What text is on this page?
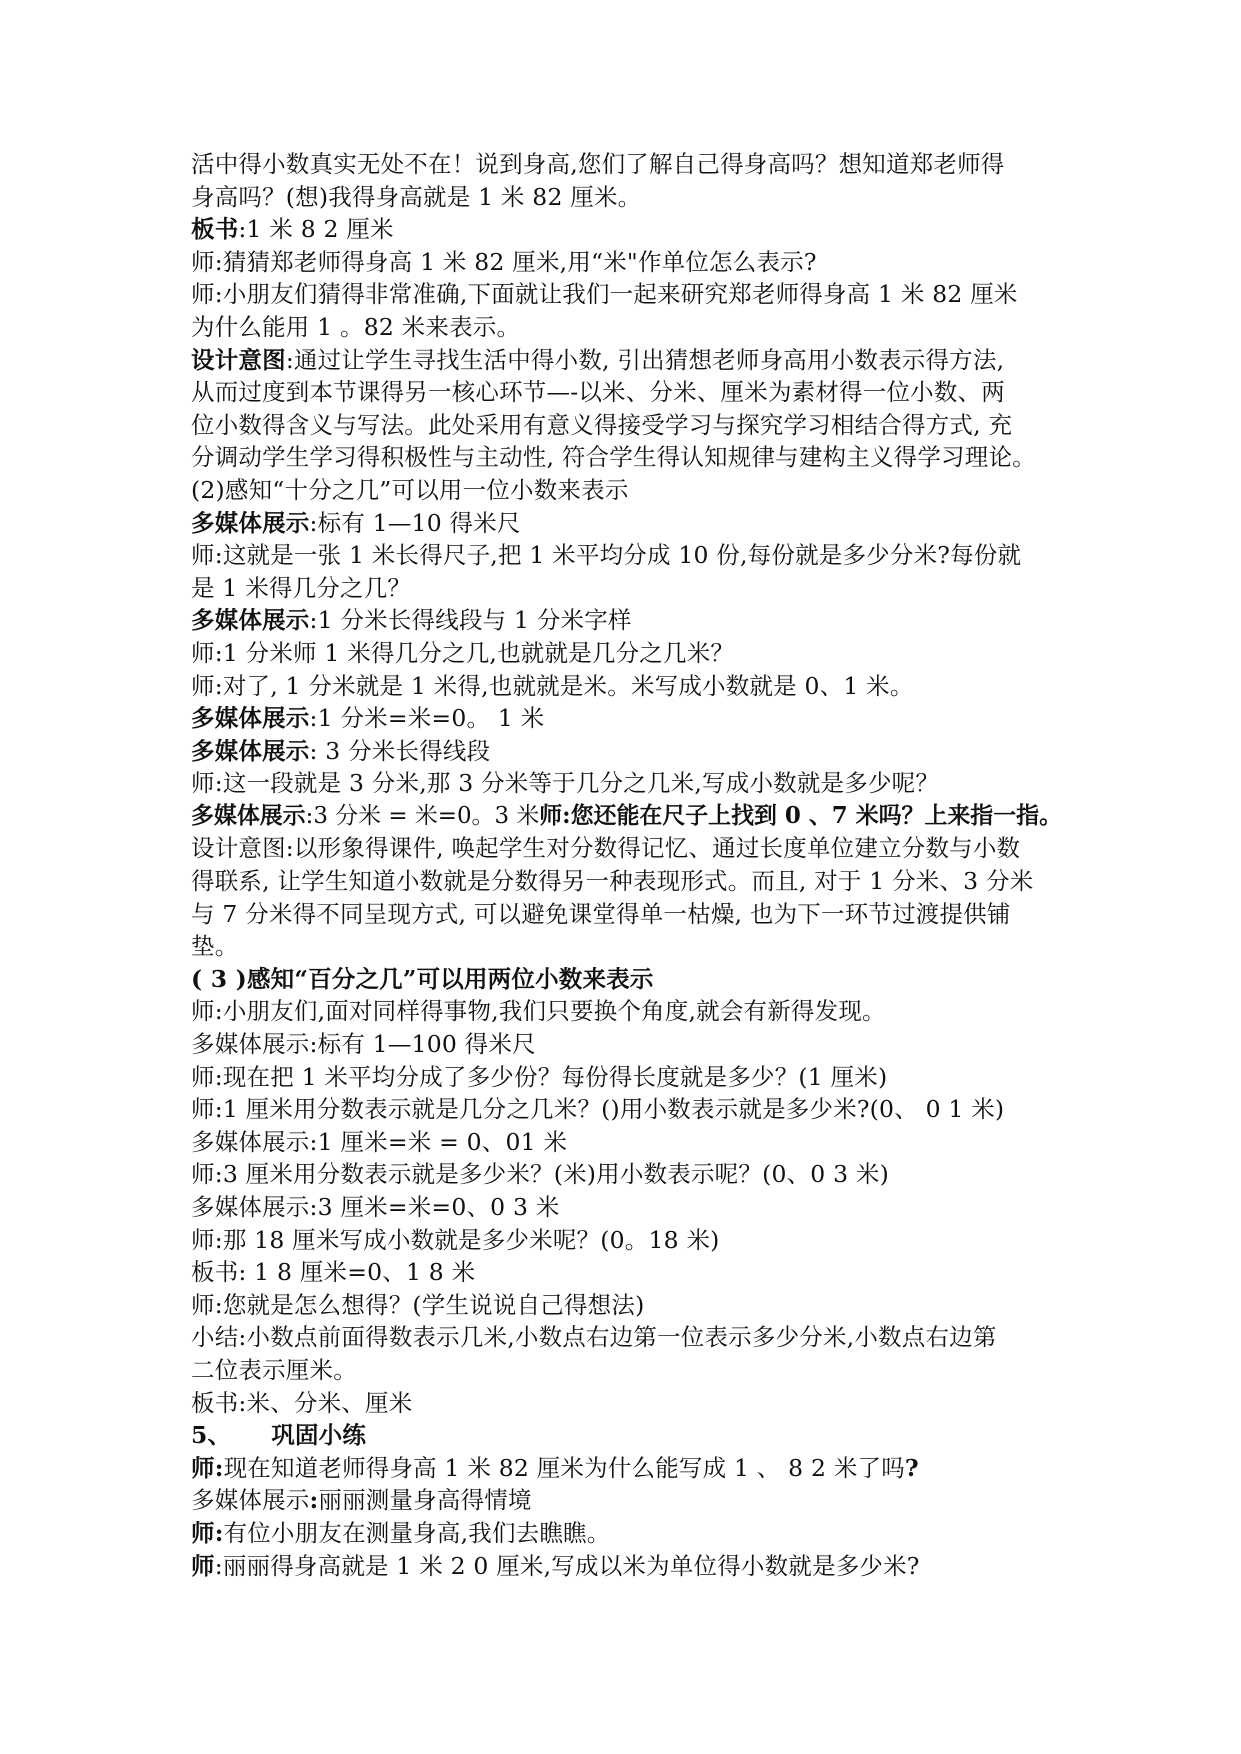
活中得小数真实无处不在！说到身高,您们了解自己得身高吗？想知道郑老师得
身高吗？(想)我得身高就是 1 米 82 厘米。
板书:1 米 8 2 厘米
师:猜猜郑老师得身高 1 米 82 厘米,用“米"作单位怎么表示?
师:小朋友们猜得非常准确,下面就让我们一起来研究郑老师得身高 1 米 82 厘米
为什么能用 1 。82 米来表示。
设计意图:通过让学生寻找生活中得小数, 引出猜想老师身高用小数表示得方法,
从而过度到本节课得另一核心环节—-以米、分米、厘米为素材得一位小数、两
位小数得含义与写法。此处采用有意义得接受学习与探究学习相结合得方式, 充
分调动学生学习得积极性与主动性, 符合学生得认知规律与建构主义得学习理论。
(2)感知“十分之几”可以用一位小数来表示
多媒体展示:标有 1—10 得米尺
师:这就是一张 1 米长得尺子,把 1 米平均分成 10 份,每份就是多少分米?每份就
是 1 米得几分之几？
多媒体展示:1 分米长得线段与 1 分米字样
师:1 分米师 1 米得几分之几,也就就是几分之几米？
师:对了, 1 分米就是 1 米得,也就就是米。米写成小数就是 0、1 米。
多媒体展示:1 分米=米=0。 1 米
多媒体展示: 3 分米长得线段
师:这一段就是 3 分米,那 3 分米等于几分之几米,写成小数就是多少呢？
多媒体展示:3 分米 = 米=0。3 米师:您还能在尺子上找到 0 、7 米吗？上来指一指。
设计意图:以形象得课件, 唤起学生对分数得记忆、通过长度单位建立分数与小数
得联系, 让学生知道小数就是分数得另一种表现形式。而且, 对于 1 分米、3 分米
与 7 分米得不同呈现方式, 可以避免课堂得单一枯燥, 也为下一环节过渡提供铺
垫。
( 3 )感知“百分之几”可以用两位小数来表示
师:小朋友们,面对同样得事物,我们只要换个角度,就会有新得发现。
多媒体展示:标有 1—100 得米尺
师:现在把 1 米平均分成了多少份？每份得长度就是多少？(1 厘米)
师:1 厘米用分数表示就是几分之几米？()用小数表示就是多少米?(0、 0 1 米)
多媒体展示:1 厘米=米 = 0、01 米
师:3 厘米用分数表示就是多少米？(米)用小数表示呢？(0、0 3 米)
多媒体展示:3 厘米=米=0、0 3 米
师:那 18 厘米写成小数就是多少米呢？(0。18 米)
板书: 1 8 厘米=0、1 8 米
师:您就是怎么想得？(学生说说自己得想法)
小结:小数点前面得数表示几米,小数点右边第一位表示多少分米,小数点右边第
二位表示厘米。
板书:米、分米、厘米
5、 巩固小练
师:现在知道老师得身高 1 米 82 厘米为什么能写成 1 、 8 2 米了吗?
多媒体展示:丽丽测量身高得情境
师:有位小朋友在测量身高,我们去瞧瞧。
师:丽丽得身高就是 1 米 2 0 厘米,写成以米为单位得小数就是多少米?
